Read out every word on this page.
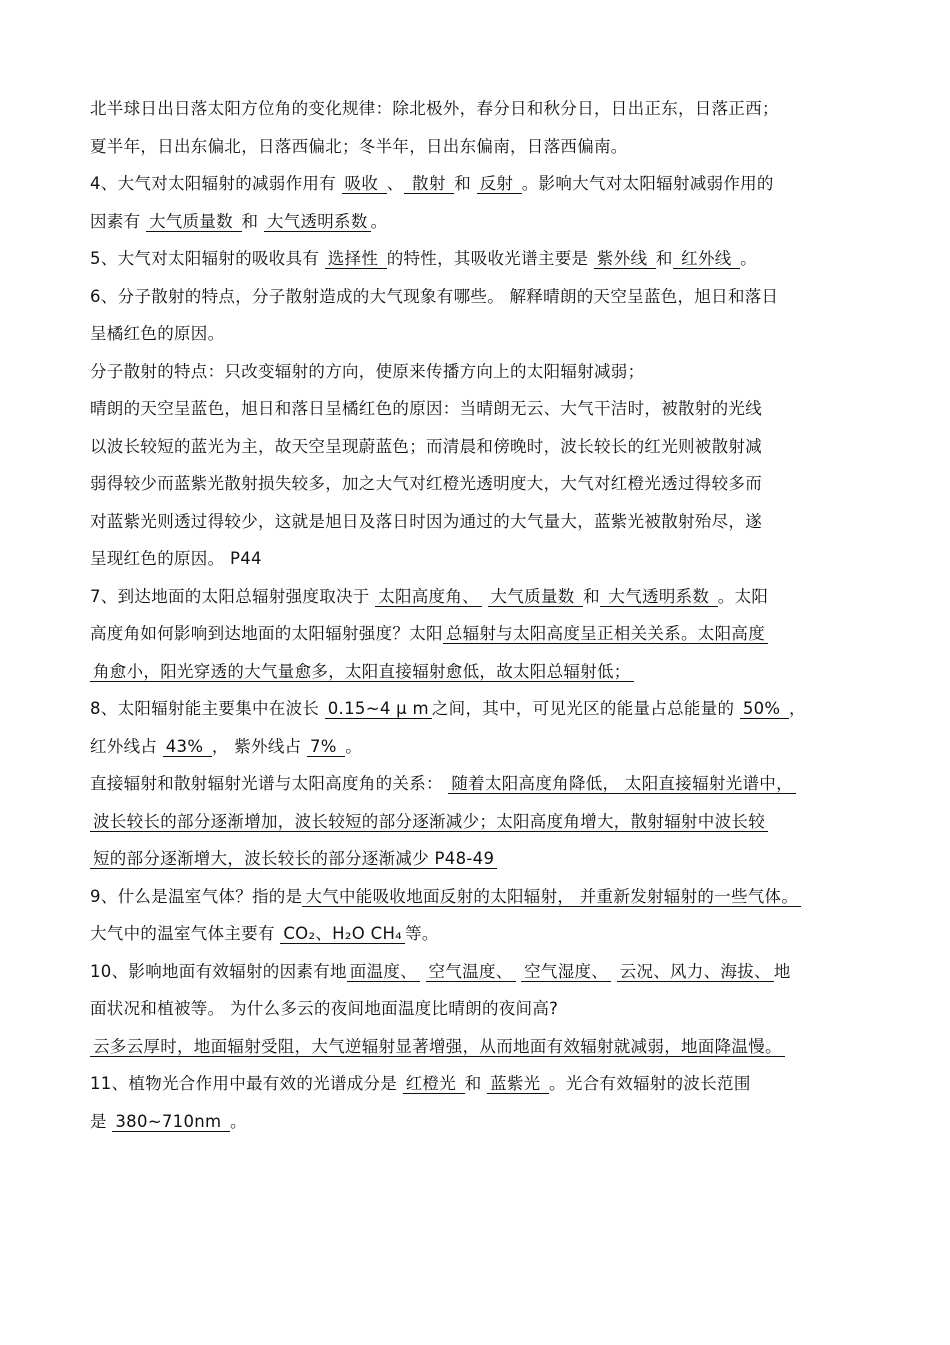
北半球日出日落太阳方位角的变化规律：除北极外，春分日和秋分日，日出正东，日落正西；
夏半年，日出东偏北，日落西偏北；冬半年，日出东偏南，日落西偏南。
4、大气对太阳辐射的减弱作用有 吸收 、 散射 和 反射 。影响大气对太阳辐射减弱作用的
因素有 大气质量数 和 大气透明系数 。
5、大气对太阳辐射的吸收具有 选择性 的特性，其吸收光谱主要是 紫外线 和 红外线 。
6、分子散射的特点，分子散射造成的大气现象有哪些。 解释晴朗的天空呈蓝色，旭日和落日
呈橘红色的原因。
分子散射的特点：只改变辐射的方向，使原来传播方向上的太阳辐射减弱；
晴朗的天空呈蓝色，旭日和落日呈橘红色的原因：当晴朗无云、大气干洁时，被散射的光线
以波长较短的蓝光为主，故天空呈现蔚蓝色；而清晨和傍晚时，波长较长的红光则被散射减
弱得较少而蓝紫光散射损失较多，加之大气对红橙光透明度大，大气对红橙光透过得较多而
对蓝紫光则透过得较少，这就是旭日及落日时因为通过的大气量大，蓝紫光被散射殆尽，遂
呈现红色的原因。 P44
7、到达地面的太阳总辐射强度取决于 太阳高度角、 大气质量数 和 大气透明系数 。太阳
高度角如何影响到达地面的太阳辐射强度？太阳 总辐射与太阳高度呈正相关关系。太阳高度
角愈小，阳光穿透的大气量愈多，太阳直接辐射愈低，故太阳总辐射低；
8、太阳辐射能主要集中在波长 0.15~4 μ m 之间，其中，可见光区的能量占总能量的 50% ，
红外线占 43% ， 紫外线占 7% 。
直接辐射和散射辐射光谱与太阳高度角的关系： 随着太阳高度角降低， 太阳直接辐射光谱中，
波长较长的部分逐渐增加，波长较短的部分逐渐减少；太阳高度角增大，散射辐射中波长较
短的部分逐渐增大，波长较长的部分逐渐减少 P48-49
9、什么是温室气体？指的是 大气中能吸收地面反射的太阳辐射， 并重新发射辐射的一些气体。
大气中的温室气体主要有 CO₂、H₂O CH₄ 等。
10、影响地面有效辐射的因素有地 面温度、 空气温度、 空气湿度、 云况、风力、海拔、 地
面状况和植被等。 为什么多云的夜间地面温度比晴朗的夜间高?
云多云厚时，地面辐射受阻，大气逆辐射显著增强，从而地面有效辐射就减弱，地面降温慢。
11、植物光合作用中最有效的光谱成分是 红橙光 和 蓝紫光 。光合有效辐射的波长范围
是 380~710nm 。
